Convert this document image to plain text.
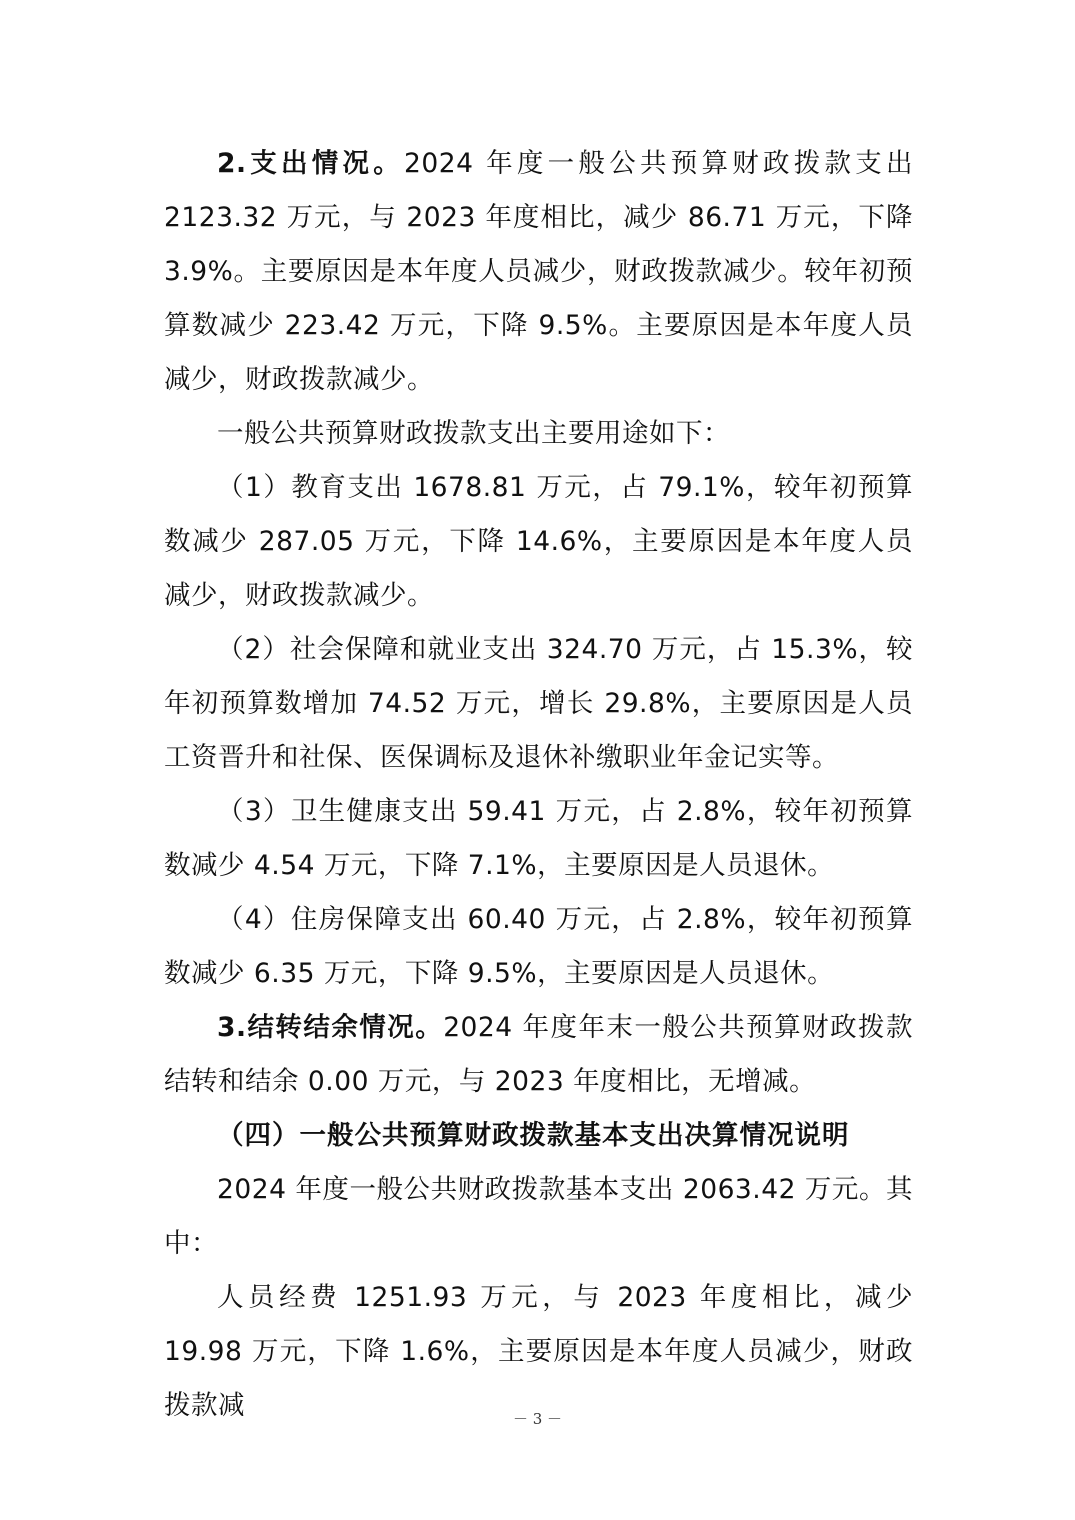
2.支出情况。2024 年度一般公共预算财政拨款支出 2123.32 万元，与 2023 年度相比，减少 86.71 万元，下降 3.9%。主要原因是本年度人员减少，财政拨款减少。较年初预算数减少 223.42 万元，下降 9.5%。主要原因是本年度人员减少，财政拨款减少。

一般公共预算财政拨款支出主要用途如下：

（1）教育支出 1678.81 万元，占 79.1%，较年初预算数减少 287.05 万元，下降 14.6%，主要原因是本年度人员减少，财政拨款减少。

（2）社会保障和就业支出 324.70 万元，占 15.3%，较年初预算数增加 74.52 万元，增长 29.8%，主要原因是人员工资晋升和社保、医保调标及退休补缴职业年金记实等。

（3）卫生健康支出 59.41 万元，占 2.8%，较年初预算数减少 4.54 万元，下降 7.1%，主要原因是人员退休。

（4）住房保障支出 60.40 万元，占 2.8%，较年初预算数减少 6.35 万元，下降 9.5%，主要原因是人员退休。

3.结转结余情况。2024 年度年末一般公共预算财政拨款结转和结余 0.00 万元，与 2023 年度相比，无增减。

（四）一般公共预算财政拨款基本支出决算情况说明

2024 年度一般公共财政拨款基本支出 2063.42 万元。其中：

人员经费 1251.93 万元，与 2023 年度相比，减少 19.98 万元，下降 1.6%，主要原因是本年度人员减少，财政拨款减	－ 3 －
